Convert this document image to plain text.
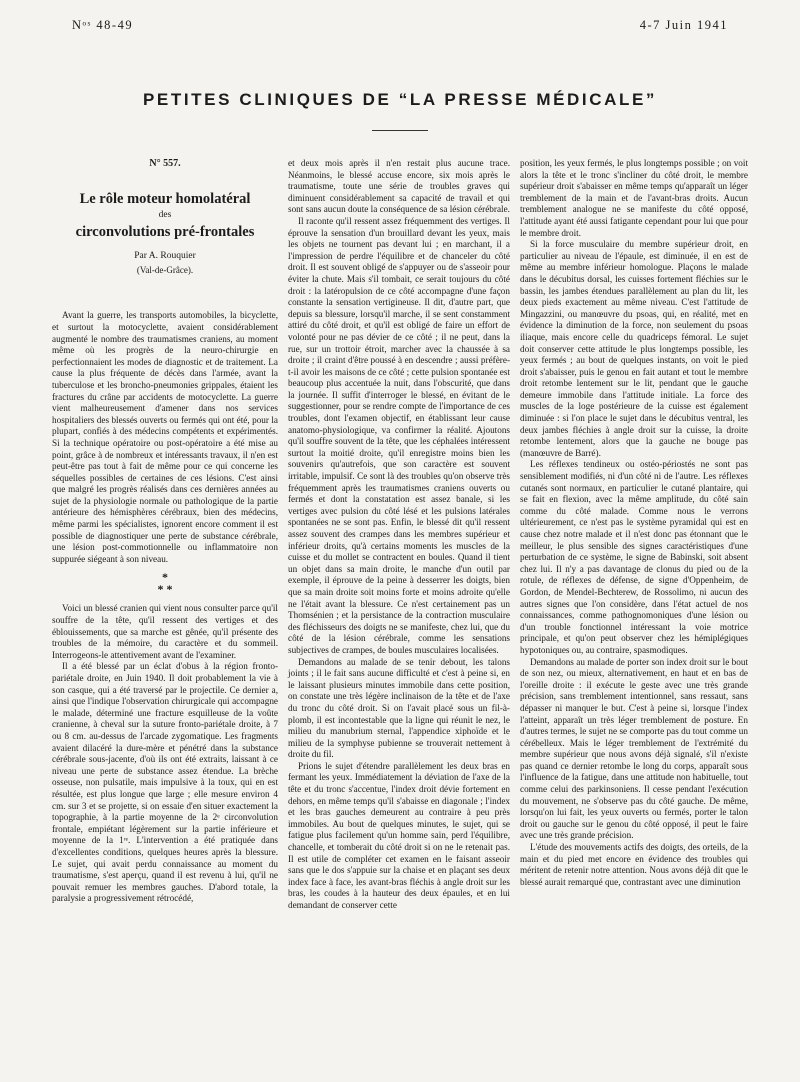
Nᵒˢ 48-49	4-7 Juin 1941
PETITES CLINIQUES DE “LA PRESSE MÉDICALE”
N° 557.
Le rôle moteur homolatéral
des
circonvolutions pré-frontales
Par A. Rouquier
(Val-de-Grâce).

Avant la guerre, les transports automobiles, la bicyclette, et surtout la motocyclette, avaient considérablement augmenté le nombre des traumatismes craniens, au moment même où les progrès de la neuro-chirurgie en perfectionnaient les modes de diagnostic et de traitement. La cause la plus fréquente de décès dans l'armée, avant la tuberculose et les broncho-pneumonies grippales, étaient les fractures du crâne par accidents de motocyclette. La guerre vient malheureusement d'amener dans nos services hospitaliers des blessés ouverts ou fermés qui ont été, pour la plupart, confiés à des médecins compétents et expérimentés. Si la technique opératoire ou post-opératoire a été mise au point, grâce à de nombreux et intéressants travaux, il n'en est peut-être pas tout à fait de même pour ce qui concerne les séquelles possibles de certaines de ces lésions. C'est ainsi que malgré les progrès réalisés dans ces dernières années au sujet de la physiologie normale ou pathologique de la partie antérieure des hémisphères cérébraux, bien des médecins, même parmi les spécialistes, ignorent encore comment il est possible de diagnostiquer une perte de substance cérébrale, une lésion post-commotionnelle ou inflammatoire non suppurée siégeant à son niveau.

*
* *

Voici un blessé cranien qui vient nous consulter parce qu'il souffre de la tête, qu'il ressent des vertiges et des éblouissements, que sa marche est gênée, qu'il présente des troubles de la mémoire, du caractère et du sommeil. Interrogeons-le attentivement avant de l'examiner.

Il a été blessé par un éclat d'obus à la région fronto-pariétale droite, en Juin 1940. Il doit probablement la vie à son casque, qui a été traversé par le projectile. Ce dernier a, ainsi que l'indique l'observation chirurgicale qui accompagne le malade, déterminé une fracture esquilleuse de la voûte cranienne, à cheval sur la suture fronto-pariétale droite, à 7 ou 8 cm. au-dessus de l'arcade zygomatique. Les fragments avaient dilacéré la dure-mère et pénétré dans la substance cérébrale sous-jacente, d'où ils ont été extraits, laissant à ce niveau une perte de substance assez étendue. La brèche osseuse, non pulsatile, mais impulsive à la toux, qui en est résultée, est plus longue que large ; elle mesure environ 4 cm. sur 3 et se projette, si on essaie d'en situer exactement la topographie, à la partie moyenne de la 2ᵉ circonvolution frontale, empiétant légèrement sur la partie inférieure et moyenne de la 1ʳᵉ. L'intervention a été pratiquée dans d'excellentes conditions, quelques heures après la blessure. Le sujet, qui avait perdu connaissance au moment du traumatisme, s'est aperçu, quand il est revenu à lui, qu'il ne pouvait remuer les membres gauches. D'abord totale, la paralysie a progressivement rétrocédé,

et deux mois après il n'en restait plus aucune trace. Néanmoins, le blessé accuse encore, six mois après le traumatisme, toute une série de troubles graves qui diminuent considérablement sa capacité de travail et qui sont sans aucun doute la conséquence de sa lésion cérébrale.

Il raconte qu'il ressent assez fréquemment des vertiges. Il éprouve la sensation d'un brouillard devant les yeux, mais les objets ne tournent pas devant lui ; en marchant, il a l'impression de perdre l'équilibre et de chanceler du côté droit. Il est souvent obligé de s'appuyer ou de s'asseoir pour éviter la chute. Mais s'il tombait, ce serait toujours du côté droit : la latéropulsion de ce côté accompagne d'une façon constante la sensation vertigineuse. Il dit, d'autre part, que depuis sa blessure, lorsqu'il marche, il se sent constamment attiré du côté droit, et qu'il est obligé de faire un effort de volonté pour ne pas dévier de ce côté ; il ne peut, dans la rue, sur un trottoir étroit, marcher avec la chaussée à sa droite ; il craint d'être poussé à en descendre ; aussi préfère-t-il avoir les maisons de ce côté ; cette pulsion spontanée est beaucoup plus accentuée la nuit, dans l'obscurité, que dans la journée. Il suffit d'interroger le blessé, en évitant de le suggestionner, pour se rendre compte de l'importance de ces troubles, dont l'examen objectif, en établissant leur cause anatomo-physiologique, va confirmer la réalité. Ajoutons qu'il souffre souvent de la tête, que les céphalées intéressent surtout la moitié droite, qu'il enregistre moins bien les souvenirs qu'autrefois, que son caractère est souvent irritable, impulsif. Ce sont là des troubles qu'on observe très fréquemment après les traumatismes craniens ouverts ou fermés et dont la constatation est assez banale, si les vertiges avec pulsion du côté lésé et les pulsions latérales spontanées ne se sont pas. Enfin, le blessé dit qu'il ressent assez souvent des crampes dans les membres supérieur et inférieur droits, qu'à certains moments les muscles de la cuisse et du mollet se contractent en boules. Quand il tient un objet dans sa main droite, le manche d'un outil par exemple, il éprouve de la peine à desserrer les doigts, bien que sa main droite soit moins forte et moins adroite qu'elle ne l'était avant la blessure. Ce n'est certainement pas un Thomsénien ; et la persistance de la contraction musculaire des fléchisseurs des doigts ne se manifeste, chez lui, que du côté de la lésion cérébrale, comme les sensations subjectives de crampes, de boules musculaires localisées.

Demandons au malade de se tenir debout, les talons joints ; il le fait sans aucune difficulté et c'est à peine si, en le laissant plusieurs minutes immobile dans cette position, on constate une très légère inclinaison de la tête et de l'axe du tronc du côté droit. Si on l'avait placé sous un fil-à-plomb, il est incontestable que la ligne qui réunit le nez, le milieu du manubrium sternal, l'appendice xiphoïde et le milieu de la symphyse pubienne se trouverait nettement à droite du fil.

Prions le sujet d'étendre parallèlement les deux bras en fermant les yeux. Immédiatement la déviation de l'axe de la tête et du tronc s'accentue, l'index droit dévie fortement en dehors, en même temps qu'il s'abaisse en diagonale ; l'index et les bras gauches demeurent au contraire à peu près immobiles. Au bout de quelques minutes, le sujet, qui se fatigue plus facilement qu'un homme sain, perd l'équilibre, chancelle, et tomberait du côté droit si on ne le retenait pas. Il est utile de compléter cet examen en le faisant asseoir sans que le dos s'appuie sur la chaise et en plaçant ses deux index face à face, les avant-bras fléchis à angle droit sur les bras, les coudes à la hauteur des deux épaules, et en lui demandant de conserver cette

position, les yeux fermés, le plus longtemps possible ; on voit alors la tête et le tronc s'incliner du côté droit, le membre supérieur droit s'abaisser en même temps qu'apparaît un léger tremblement de la main et de l'avant-bras droits. Aucun tremblement analogue ne se manifeste du côté opposé, l'attitude ayant été aussi fatigante cependant pour lui que pour le membre droit.

Si la force musculaire du membre supérieur droit, en particulier au niveau de l'épaule, est diminuée, il en est de même au membre inférieur homologue. Plaçons le malade dans le décubitus dorsal, les cuisses fortement fléchies sur le bassin, les jambes étendues parallèlement au plan du lit, les deux pieds exactement au même niveau. C'est l'attitude de Mingazzini, ou manœuvre du psoas, qui, en réalité, met en évidence la diminution de la force, non seulement du psoas iliaque, mais encore celle du quadriceps fémoral. Le sujet doit conserver cette attitude le plus longtemps possible, les yeux fermés ; au bout de quelques instants, on voit le pied droit s'abaisser, puis le genou en fait autant et tout le membre droit retombe lentement sur le lit, pendant que le gauche demeure immobile dans l'attitude initiale. La force des muscles de la loge postérieure de la cuisse est également diminuée : si l'on place le sujet dans le décubitus ventral, les deux jambes fléchies à angle droit sur la cuisse, la droite retombe lentement, alors que la gauche ne bouge pas (manœuvre de Barré).

Les réflexes tendineux ou ostéo-périostés ne sont pas sensiblement modifiés, ni d'un côté ni de l'autre. Les réflexes cutanés sont normaux, en particulier le cutané plantaire, qui se fait en flexion, avec la même amplitude, du côté sain comme du côté malade. Comme nous le verrons ultérieurement, ce n'est pas le système pyramidal qui est en cause chez notre malade et il n'est donc pas étonnant que le meilleur, le plus sensible des signes caractéristiques d'une perturbation de ce système, le signe de Babinski, soit absent chez lui. Il n'y a pas davantage de clonus du pied ou de la rotule, de réflexes de défense, de signe d'Oppenheim, de Gordon, de Mendel-Bechterew, de Rossolimo, ni aucun des autres signes que l'on considère, dans l'état actuel de nos connaissances, comme pathognomoniques d'une lésion ou d'un trouble fonctionnel intéressant la voie motrice principale, et qu'on peut observer chez les hémiplégiques hypotoniques ou, au contraire, spasmodiques.

Demandons au malade de porter son index droit sur le bout de son nez, ou mieux, alternativement, en haut et en bas de l'oreille droite : il exécute le geste avec une très grande précision, sans tremblement intentionnel, sans ressaut, sans dépasser ni manquer le but. C'est à peine si, lorsque l'index l'atteint, apparaît un très léger tremblement de posture. En d'autres termes, le sujet ne se comporte pas du tout comme un cérébelleux. Mais le léger tremblement de l'extrémité du membre supérieur que nous avons déjà signalé, s'il n'existe pas quand ce dernier retombe le long du corps, apparaît sous l'influence de la fatigue, dans une attitude non habituelle, tout comme celui des parkinsoniens. Il cesse pendant l'exécution du mouvement, ne s'observe pas du côté gauche. De même, lorsqu'on lui fait, les yeux ouverts ou fermés, porter le talon droit ou gauche sur le genou du côté opposé, il peut le faire avec une très grande précision.

L'étude des mouvements actifs des doigts, des orteils, de la main et du pied met encore en évidence des troubles qui méritent de retenir notre attention. Nous avons déjà dit que le blessé aurait remarqué que, contrastant avec une diminution
